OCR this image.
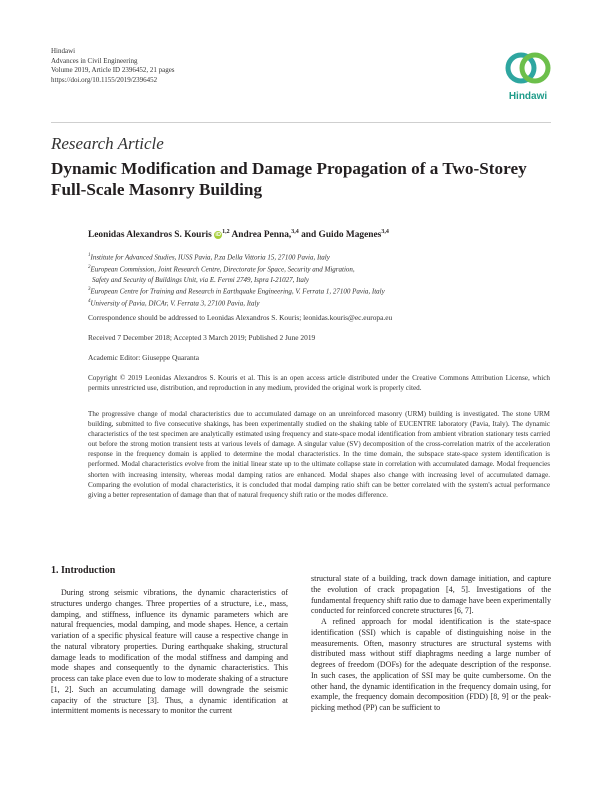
Hindawi
Advances in Civil Engineering
Volume 2019, Article ID 2396452, 21 pages
https://doi.org/10.1155/2019/2396452
Hindawi
Research Article
Dynamic Modification and Damage Propagation of a Two-Storey Full-Scale Masonry Building
Leonidas Alexandros S. Kouris iD$^{1,2}$ Andrea Penna,$^{3,4}$ and Guido Magenes$^{3,4}$
$^1$Institute for Advanced Studies, IUSS Pavia, P.za Della Vittoria 15, 27100 Pavia, Italy
$^2$European Commission, Joint Research Centre, Directorate for Space, Security and Migration,
Safety and Security of Buildings Unit, via E. Fermi 2749, Ispra I-21027, Italy
$^3$European Centre for Training and Research in Earthquake Engineering, V. Ferrata 1, 27100 Pavia, Italy
$^4$University of Pavia, DICAr, V. Ferrata 3, 27100 Pavia, Italy
Correspondence should be addressed to Leonidas Alexandros S. Kouris; leonidas.kouris@ec.europa.eu
Received 7 December 2018; Accepted 3 March 2019; Published 2 June 2019
Academic Editor: Giuseppe Quaranta
Copyright © 2019 Leonidas Alexandros S. Kouris et al. This is an open access article distributed under the Creative Commons Attribution License, which permits unrestricted use, distribution, and reproduction in any medium, provided the original work is properly cited.
The progressive change of modal characteristics due to accumulated damage on an unreinforced masonry (URM) building is investigated. The stone URM building, submitted to five consecutive shakings, has been experimentally studied on the shaking table of EUCENTRE laboratory (Pavia, Italy). The dynamic characteristics of the test specimen are analytically estimated using frequency and state-space modal identification from ambient vibration stationary tests carried out before the strong motion transient tests at various levels of damage. A singular value (SV) decomposition of the cross-correlation matrix of the acceleration response in the frequency domain is applied to determine the modal characteristics. In the time domain, the subspace state-space system identification is performed. Modal characteristics evolve from the initial linear state up to the ultimate collapse state in correlation with accumulated damage. Modal frequencies shorten with increasing intensity, whereas modal damping ratios are enhanced. Modal shapes also change with increasing level of accumulated damage. Comparing the evolution of modal characteristics, it is concluded that modal damping ratio shift can be better correlated with the system's actual performance giving a better representation of damage than that of natural frequency shift ratio or the modes difference.
1. Introduction
During strong seismic vibrations, the dynamic characteristics of structures undergo changes. Three properties of a structure, i.e., mass, damping, and stiffness, influence its dynamic parameters which are natural frequencies, modal damping, and mode shapes. Hence, a certain variation of a specific physical feature will cause a respective change in the natural vibratory properties. During earthquake shaking, structural damage leads to modification of the modal stiffness and damping and mode shapes and consequently to the dynamic characteristics. This process can take place even due to low to moderate shaking of a structure [1, 2]. Such an accumulating damage will downgrade the seismic capacity of the structure [3]. Thus, a dynamic identification at intermittent moments is necessary to monitor the current
structural state of a building, track down damage initiation, and capture the evolution of crack propagation [4, 5]. Investigations of the fundamental frequency shift ratio due to damage have been experimentally conducted for reinforced concrete structures [6, 7].
A refined approach for modal identification is the state-space identification (SSI) which is capable of distinguishing noise in the measurements. Often, masonry structures are structural systems with distributed mass without stiff diaphragms needing a large number of degrees of freedom (DOFs) for the adequate description of the response. In such cases, the application of SSI may be quite cumbersome. On the other hand, the dynamic identification in the frequency domain using, for example, the frequency domain decomposition (FDD) [8, 9] or the peak-picking method (PP) can be sufficient to
